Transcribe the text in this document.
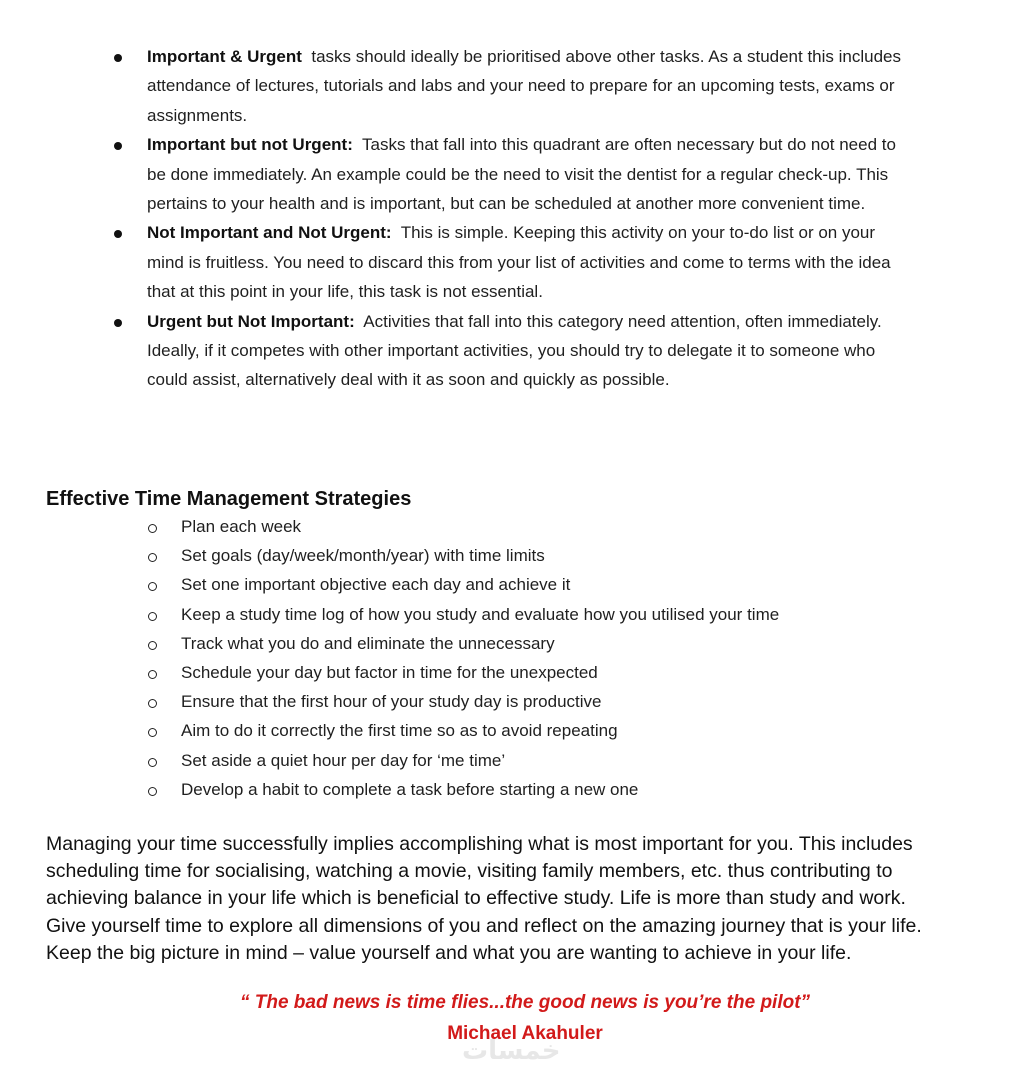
Important & Urgent tasks should ideally be prioritised above other tasks. As a student this includes
attendance of lectures, tutorials and labs and your need to prepare for an upcoming tests, exams or
assignments.

Important but not Urgent: Tasks that fall into this quadrant are often necessary but do not need to
be done immediately. An example could be the need to visit the dentist for a regular check-up. This
pertains to your health and is important, but can be scheduled at another more convenient time.

Not Important and Not Urgent: This is simple. Keeping this activity on your to-do list or on your
mind is fruitless. You need to discard this from your list of activities and come to terms with the idea
that at this point in your life, this task is not essential.

Urgent but Not Important: Activities that fall into this category need attention, often immediately.
Ideally, if it competes with other important activities, you should try to delegate it to someone who
could assist, alternatively deal with it as soon and quickly as possible.

Effective Time Management Strategies
Plan each week
Set goals (day/week/month/year) with time limits
Set one important objective each day and achieve it
Keep a study time log of how you study and evaluate how you utilised your time
Track what you do and eliminate the unnecessary
Schedule your day but factor in time for the unexpected
Ensure that the first hour of your study day is productive
Aim to do it correctly the first time so as to avoid repeating
Set aside a quiet hour per day for ‘me time’
Develop a habit to complete a task before starting a new one

Managing your time successfully implies accomplishing what is most important for you. This includes
scheduling time for socialising, watching a movie, visiting family members, etc. thus contributing to
achieving balance in your life which is beneficial to effective study. Life is more than study and work.
Give yourself time to explore all dimensions of you and reflect on the amazing journey that is your life.
Keep the big picture in mind – value yourself and what you are wanting to achieve in your life.

“ The bad news is time flies...the good news is you’re the pilot”

Michael Akahuler

خمسات
